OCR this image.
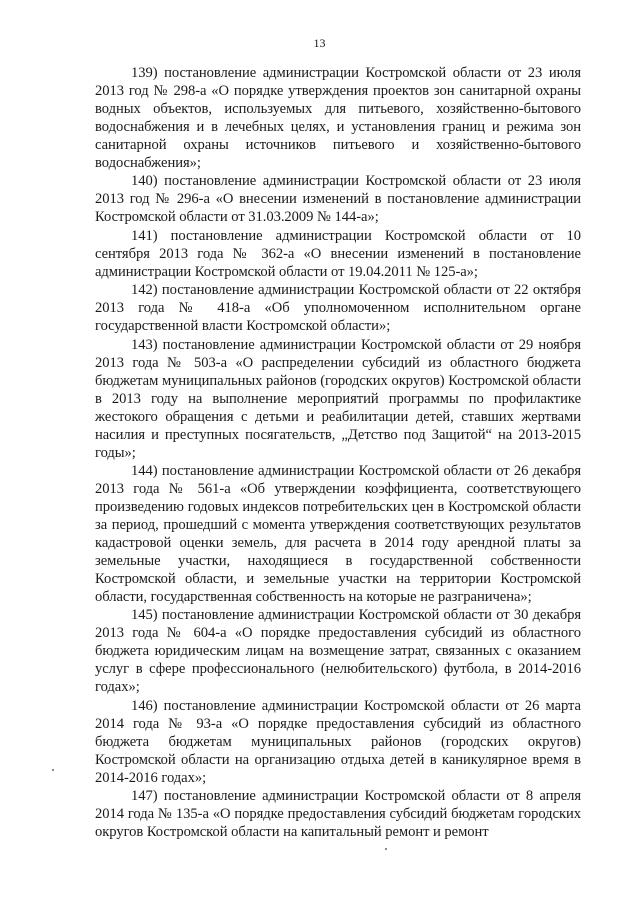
13

139) постановление администрации Костромской области от 23 июля 2013 год № 298-а «О порядке утверждения проектов зон санитарной охраны водных объектов, используемых для питьевого, хозяйственно-бытового водоснабжения и в лечебных целях, и установления границ и режима зон санитарной охраны источников питьевого и хозяйственно-бытового водоснабжения»;

140) постановление администрации Костромской области от 23 июля 2013 год № 296-а «О внесении изменений в постановление администрации Костромской области от 31.03.2009 № 144-а»;

141) постановление администрации Костромской области от 10 сентября 2013 года № 362-а «О внесении изменений в постановление администрации Костромской области от 19.04.2011 № 125-а»;

142) постановление администрации Костромской области от 22 октября 2013 года № 418-а «Об уполномоченном исполнительном органе государственной власти Костромской области»;

143) постановление администрации Костромской области от 29 ноября 2013 года № 503-а «О распределении субсидий из областного бюджета бюджетам муниципальных районов (городских округов) Костромской области в 2013 году на выполнение мероприятий программы по профилактике жестокого обращения с детьми и реабилитации детей, ставших жертвами насилия и преступных посягательств, „Детство под Защитой“ на 2013-2015 годы»;

144) постановление администрации Костромской области от 26 декабря 2013 года № 561-а «Об утверждении коэффициента, соответствующего произведению годовых индексов потребительских цен в Костромской области за период, прошедший с момента утверждения соответствующих результатов кадастровой оценки земель, для расчета в 2014 году арендной платы за земельные участки, находящиеся в государственной собственности Костромской области, и земельные участки на территории Костромской области, государственная собственность на которые не разграничена»;

145) постановление администрации Костромской области от 30 декабря 2013 года № 604-а «О порядке предоставления субсидий из областного бюджета юридическим лицам на возмещение затрат, связанных с оказанием услуг в сфере профессионального (нелюбительского) футбола, в 2014-2016 годах»;

146) постановление администрации Костромской области от 26 марта 2014 года № 93-а «О порядке предоставления субсидий из областного бюджета бюджетам муниципальных районов (городских округов) Костромской области на организацию отдыха детей в каникулярное время в 2014-2016 годах»;

147) постановление администрации Костромской области от 8 апреля 2014 года № 135-а «О порядке предоставления субсидий бюджетам городских округов Костромской области на капитальный ремонт и ремонт
